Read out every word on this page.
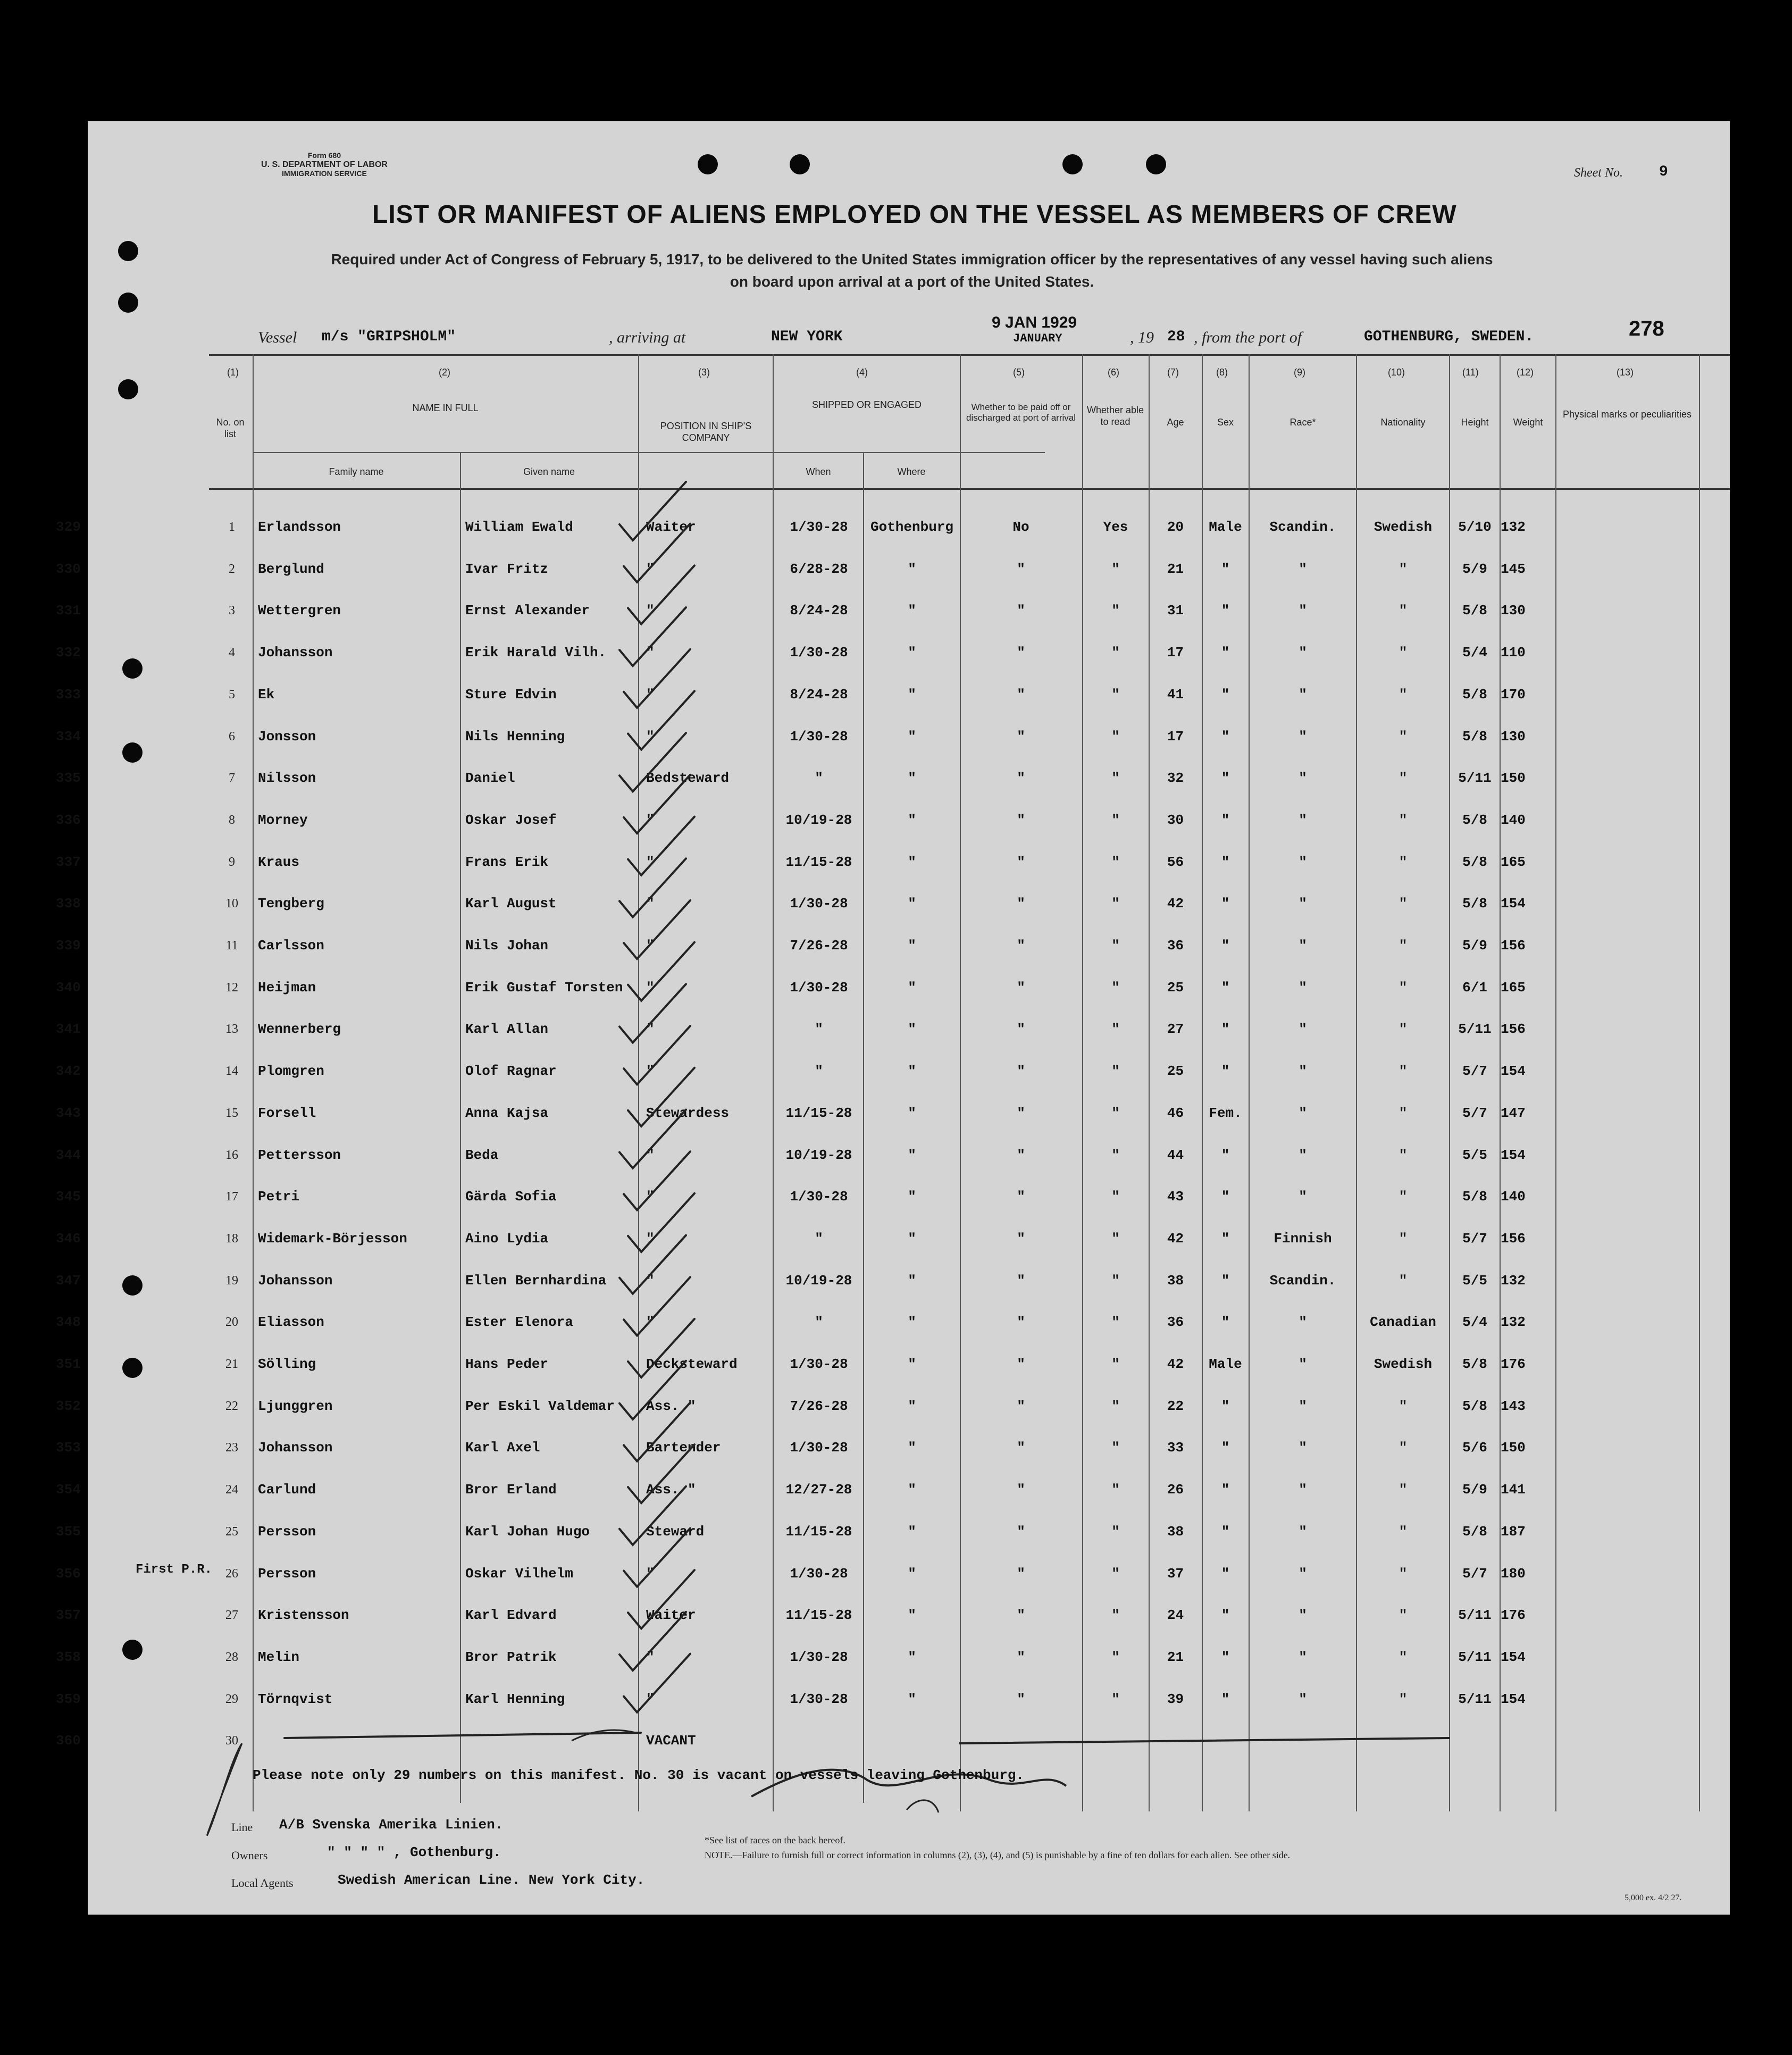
Form 680
U. S. DEPARTMENT OF LABOR
IMMIGRATION SERVICE	Sheet No. 9
LIST OR MANIFEST OF ALIENS EMPLOYED ON THE VESSEL AS MEMBERS OF CREW
Required under Act of Congress of February 5, 1917, to be delivered to the United States immigration officer by the representatives of any vessel having such aliens
on board upon arrival at a port of the United States.
Vessel m/s "GRIPSHOLM"	, arriving at	NEW YORK
9 JAN 1929
JANUARY	, 19 28 , from the port of	GOTHENBURG, SWEDEN.	278
(1)
No. on list
(2)
NAME IN FULL
Family name	Given name
(3)
POSITION IN SHIP'S COMPANY
(4)
SHIPPED OR ENGAGED
When	Where
(5)
Whether to be paid off or discharged at port of arrival
(6)
Whether able to read
(7)
Age
(8)
Sex
(9)
Race*
(10)
Nationality
(11)
Height
(12)
Weight
(13)
Physical marks or peculiarities
1
329	Erlandsson	William Ewald	Waiter	1/30-28	Gothenburg	No	Yes	20	Male	Scandin.	Swedish	5/10 132
2
330	Berglund	Ivar Fritz	"	6/28-28	"	"	"	21	"	"	"	5/9 145
3
331	Wettergren	Ernst Alexander	"	8/24-28	"	"	"	31	"	"	"	5/8 130
4
332	Johansson	Erik Harald Vilh.	"	1/30-28	"	"	"	17	"	"	"	5/4 110
5
333	Ek	Sture Edvin	"	8/24-28	"	"	"	41	"	"	"	5/8 170
6
334	Jonsson	Nils Henning	"	1/30-28	"	"	"	17	"	"	"	5/8 130
7
335	Nilsson	Daniel	Bedsteward	"	"	"	"	32	"	"	"	5/11 150
8
336	Morney	Oskar Josef	"	10/19-28	"	"	"	30	"	"	"	5/8 140
9
337	Kraus	Frans Erik	"	11/15-28	"	"	"	56	"	"	"	5/8 165
10
338	Tengberg	Karl August	"	1/30-28	"	"	"	42	"	"	"	5/8 154
11
339	Carlsson	Nils Johan	"	7/26-28	"	"	"	36	"	"	"	5/9 156
12
340	Heijman	Erik Gustaf Torsten "	1/30-28	"	"	"	25	"	"	"	6/1 165
13
341	Wennerberg	Karl Allan	"	"	"	"	"	27	"	"	"	5/11 156
14
342	Plomgren	Olof Ragnar	"	"	"	"	"	25	"	"	"	5/7 154
15
343	Forsell	Anna Kajsa	Stewardess	11/15-28	"	"	"	46	Fem.	"	"	5/7 147
16
344	Pettersson	Beda	"	10/19-28	"	"	"	44	"	"	"	5/5 154
17
345	Petri	Gärda Sofia	"	1/30-28	"	"	"	43	"	"	"	5/8 140
18
346	Widemark-Börjesson	Aino Lydia	"	"	"	"	"	42	"	Finnish	"	5/7 156
19
347	Johansson	Ellen Bernhardina	"	10/19-28	"	"	"	38	"	Scandin.	"	5/5 132
20
348	Eliasson	Ester Elenora	"	"	"	"	"	36	"	"	Canadian	5/4 132
21
351	Sölling	Hans Peder	Decksteward	1/30-28	"	"	"	42	Male	"	Swedish	5/8 176
22
352	Ljunggren	Per Eskil Valdemar Ass. "	7/26-28	"	"	"	22	"	"	"	5/8 143
23
353	Johansson	Karl Axel	Bartender	1/30-28	"	"	"	33	"	"	"	5/6 150
24
354	Carlund	Bror Erland	Ass. "	12/27-28	"	"	"	26	"	"	"	5/9 141
25
355	Persson	Karl Johan Hugo	Steward	11/15-28	"	"	"	38	"	"	"	5/8 187
26
356	Persson	Oskar Vilhelm	"	1/30-28	"	"	"	37	"	"	"	5/7 180
27
357	Kristensson	Karl Edvard	Waiter	11/15-28	"	"	"	24	"	"	"	5/11 176
28
358	Melin	Bror Patrik	"	1/30-28	"	"	"	21	"	"	"	5/11 154
29
359	Törnqvist	Karl Henning	"	1/30-28	"	"	"	39	"	"	"	5/11 154
30
360	VACANT
First P.R.
Please note only 29 numbers on this manifest. No. 30 is vacant on vessels leaving Gothenburg.
Line A/B Svenska Amerika Linien.
Owners	" " " " , Gothenburg.
Local Agents	Swedish American Line. New York City.
*See list of races on the back hereof.
NOTE.—Failure to furnish full or correct information in columns (2), (3), (4), and (5) is punishable by a fine of ten dollars for each alien. See other side.
5,000 ex. 4/2 27.
